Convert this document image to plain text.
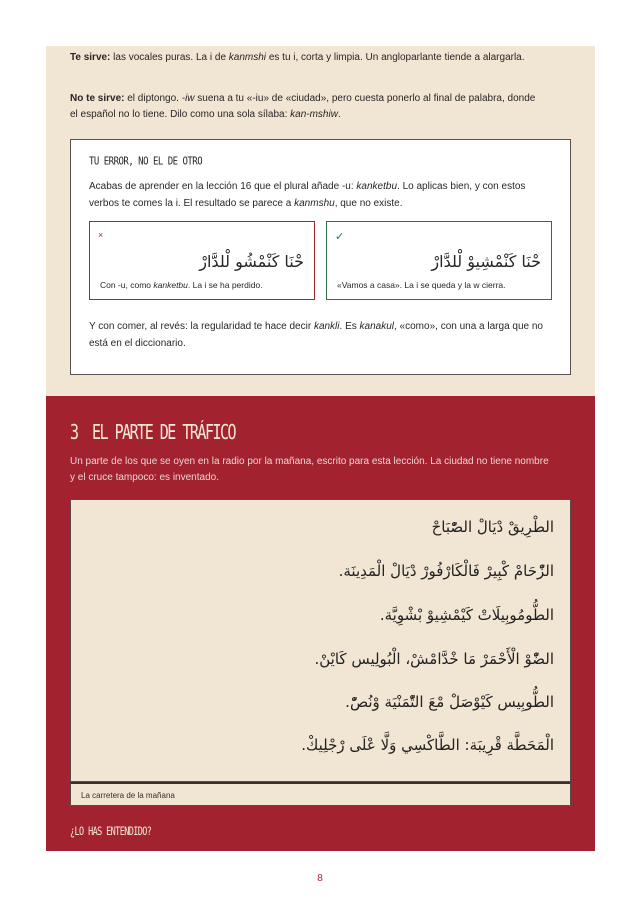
Te sirve: las vocales puras. La i de kanmshi es tu i, corta y limpia. Un angloparlante tiende a alargarla.

No te sirve: el diptongo. -iw suena a tu «-iu» de «ciudad», pero cuesta ponerlo al final de palabra, donde el español no lo tiene. Dilo como una sola sílaba: kan-mshiw.

TU ERROR, NO EL DE OTRO

Acabas de aprender en la lección 16 que el plural añade -u: kanketbu. Lo aplicas bien, y con estos verbos te comes la i. El resultado se parece a kanmshu, que no existe.

×
حْنَا كَنْمْشُو لْلدَّارْ
Con -u, como kanketbu. La i se ha perdido.
✓
حْنَا كَنْمْشِيوْ لْلدَّارْ
«Vamos a casa». La i se queda y la w cierra.

Y con comer, al revés: la regularidad te hace decir kankli. Es kanakul, «como», con una a larga que no está en el diccionario.

3 EL PARTE DE TRÁFICO

Un parte de los que se oyen en la radio por la mañana, escrito para esta lección. La ciudad no tiene nombre y el cruce tampoco: es inventado.

الطْرِيقْ دْيَالْ الصّْبَاحْ
الزّْحَامْ كْبِيرْ فَالْكَارْفُورْ دْيَالْ الْمَدِينَة.
الطُّومُوبِيلَاتْ كَيْمْشِيوْ بْشْوِيَّة.
الضّْوْ الْأَحْمَرْ مَا خْدَّامْشْ، الْبُولِيس كَايْنْ.
الطُّوبِيس كَيْوْصَلْ مْعَ التّْمَنْيَة وْنُصّْ.
الْمَحَطَّة قْرِيبَة: الطَّاكْسِي وَلَّا عْلَى رْجْلِيكْ.
La carretera de la mañana
¿LO HAS ENTENDIDO?
8
